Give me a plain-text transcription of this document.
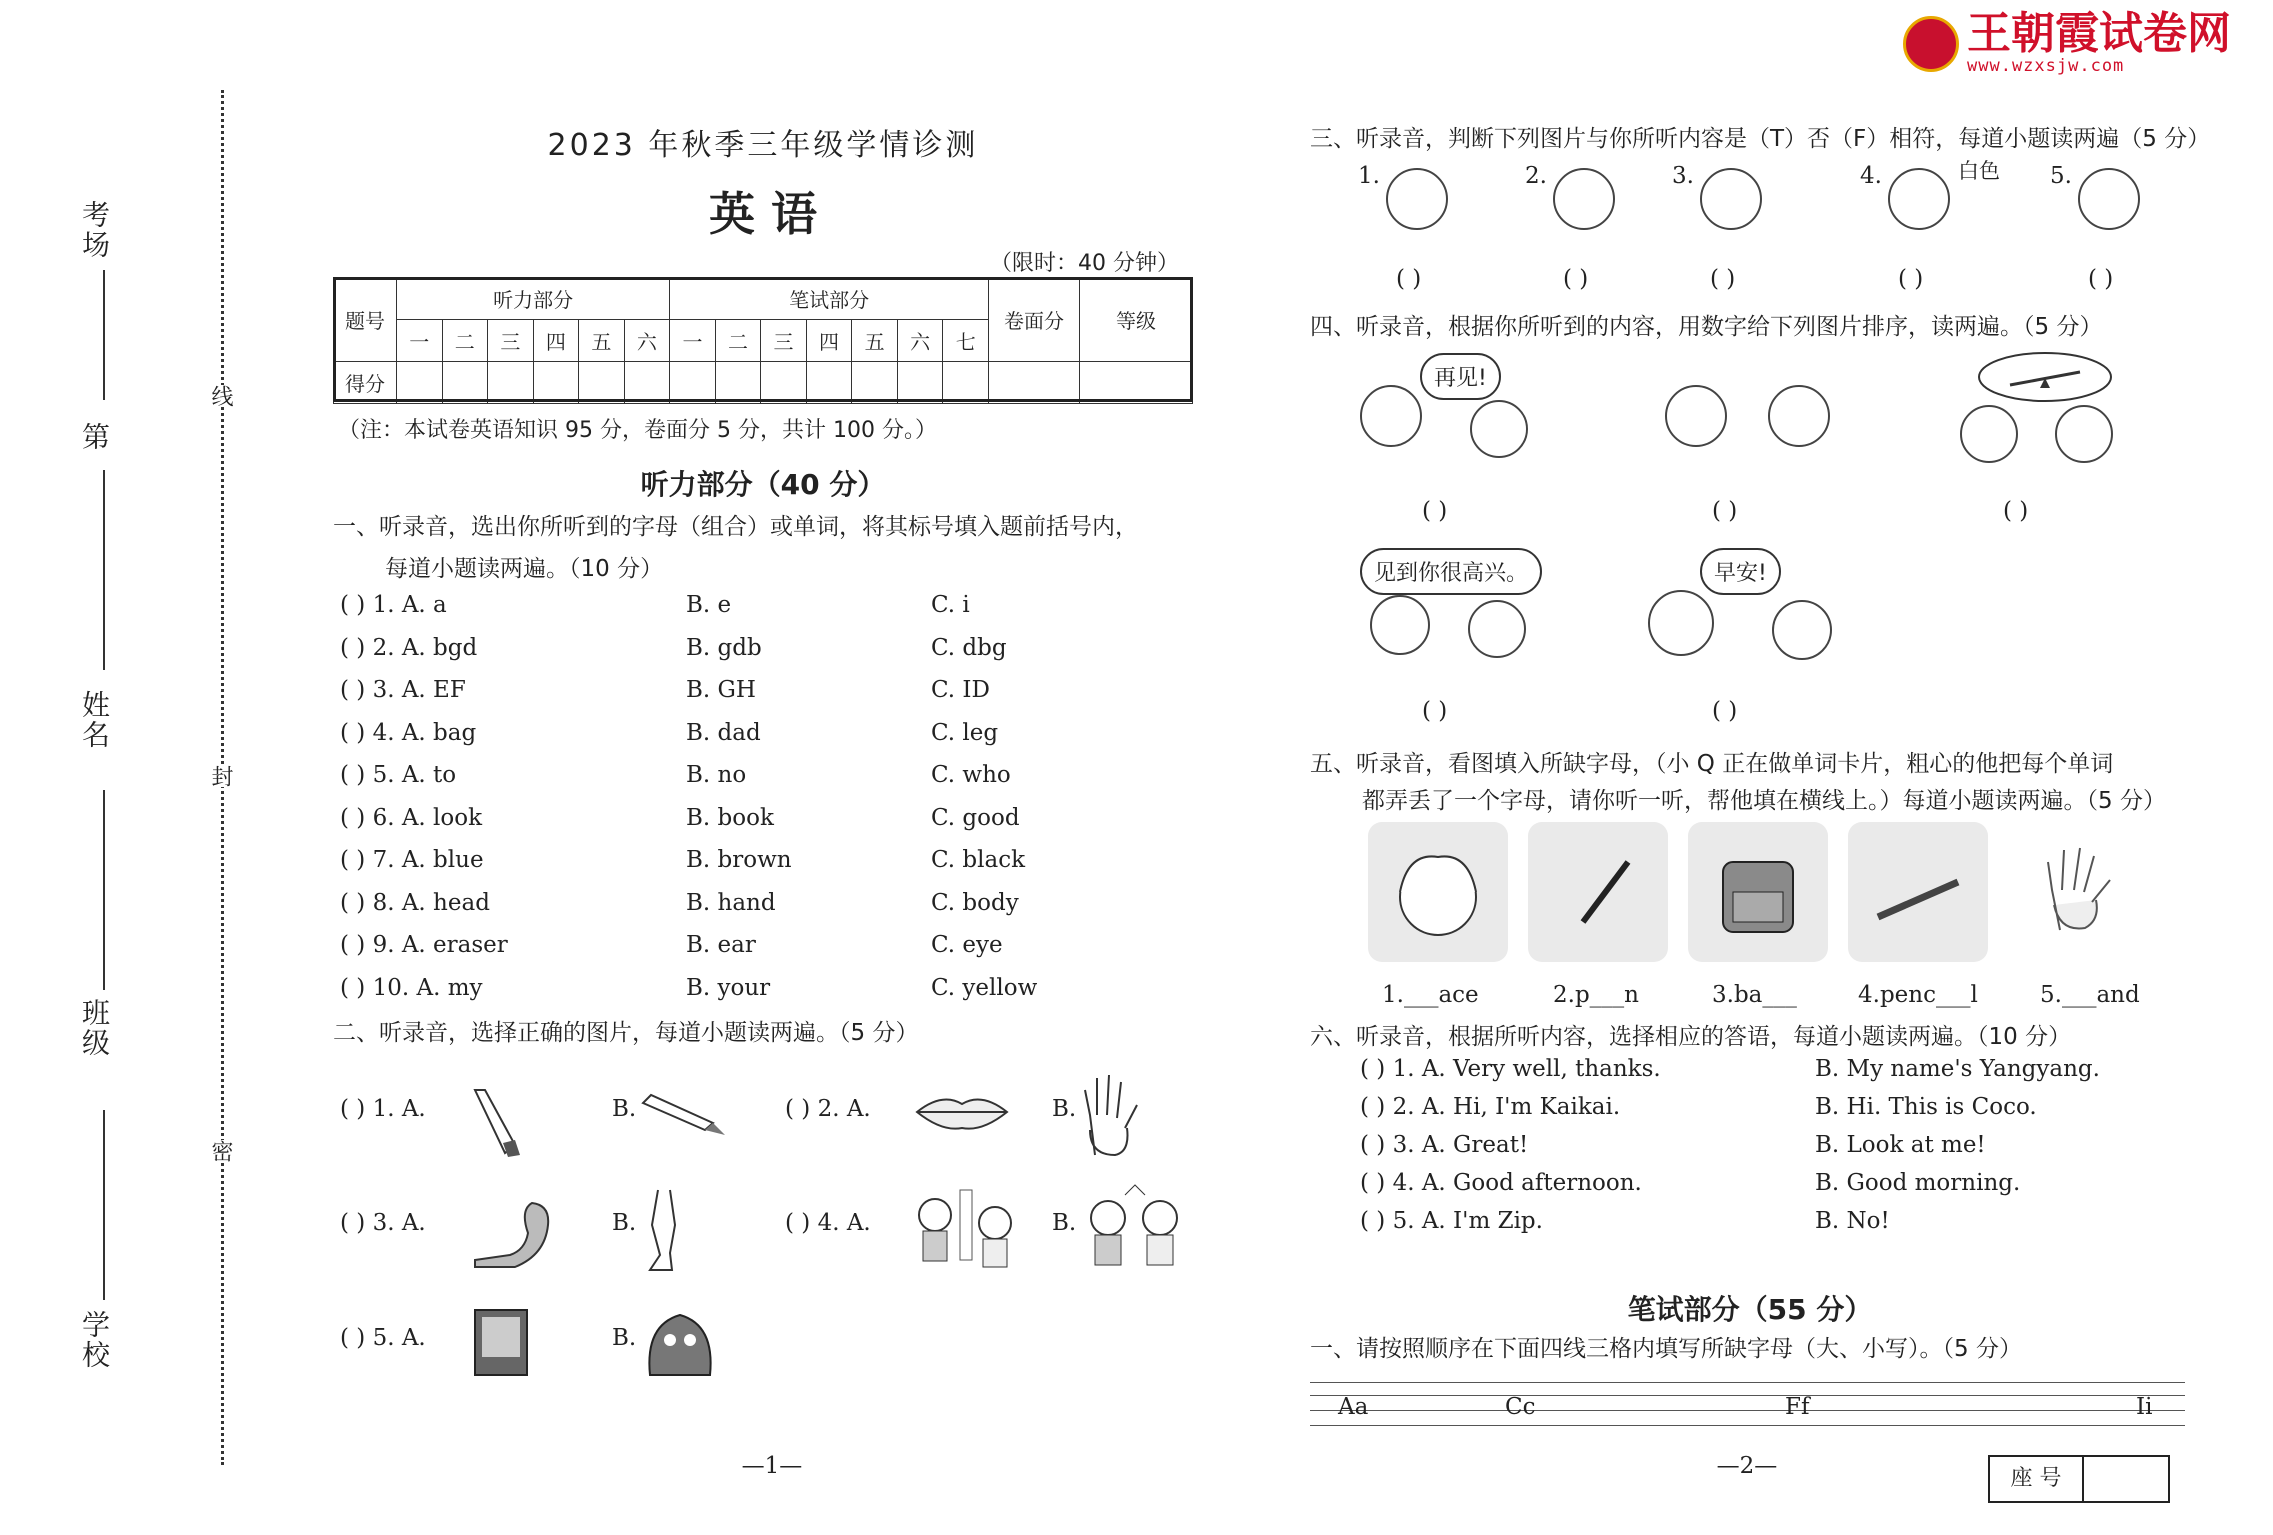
王朝霞试卷网
www.wzxsjw.com
考场
第
姓名
班级
学校
线
封
密
2023 年秋季三年级学情诊测
英 语
（限时：40 分钟）
题号	听力部分						笔试部分							卷面分	等级
	一	二	三	四	五	六	一	二	三	四	五	六	七		
得分															
（注：本试卷英语知识 95 分，卷面分 5 分，共计 100 分。）
听力部分（40 分）
一、听录音，选出你所听到的字母（组合）或单词，将其标号填入题前括号内，
每道小题读两遍。（10 分）
( ) 1. A. a	B. e	C. i
( ) 2. A. bgd	B. gdb	C. dbg
( ) 3. A. EF	B. GH	C. ID
( ) 4. A. bag	B. dad	C. leg
( ) 5. A. to	B. no	C. who
( ) 6. A. look	B. book	C. good
( ) 7. A. blue	B. brown	C. black
( ) 8. A. head	B. hand	C. body
( ) 9. A. eraser	B. ear	C. eye
( ) 10. A. my	B. your	C. yellow
二、听录音，选择正确的图片，每道小题读两遍。（5 分）
( ) 1. A.	B.	( ) 2. A.	B.
( ) 3. A.	B.	( ) 4. A.	B.
( ) 5. A.	B.
—1—
三、听录音，判断下列图片与你所听内容是（T）否（F）相符，每道小题读两遍（5 分）
1.
( )
2.
( )
3.
( )
4.
( )
5.
( )
白色
四、听录音，根据你所听到的内容，用数字给下列图片排序，读两遍。（5 分）
再见!
( )	( )	( )
见到你很高兴。
( )
早安!
( )
五、听录音，看图填入所缺字母，（小 Q 正在做单词卡片，粗心的他把每个单词
都弄丢了一个字母，请你听一听，帮他填在横线上。）每道小题读两遍。（5 分）
1.___ace	2.p___n	3.ba___	4.penc___l	5.___and
六、听录音，根据所听内容，选择相应的答语，每道小题读两遍。（10 分）
( ) 1. A. Very well, thanks.	B. My name's Yangyang.
( ) 2. A. Hi, I'm Kaikai.	B. Hi. This is Coco.
( ) 3. A. Great!	B. Look at me!
( ) 4. A. Good afternoon.	B. Good morning.
( ) 5. A. I'm Zip.	B. No!
笔试部分（55 分）
一、请按照顺序在下面四线三格内填写所缺字母（大、小写）。（5 分）
Aa	Cc	Ff	Ii
—2—	座 号
